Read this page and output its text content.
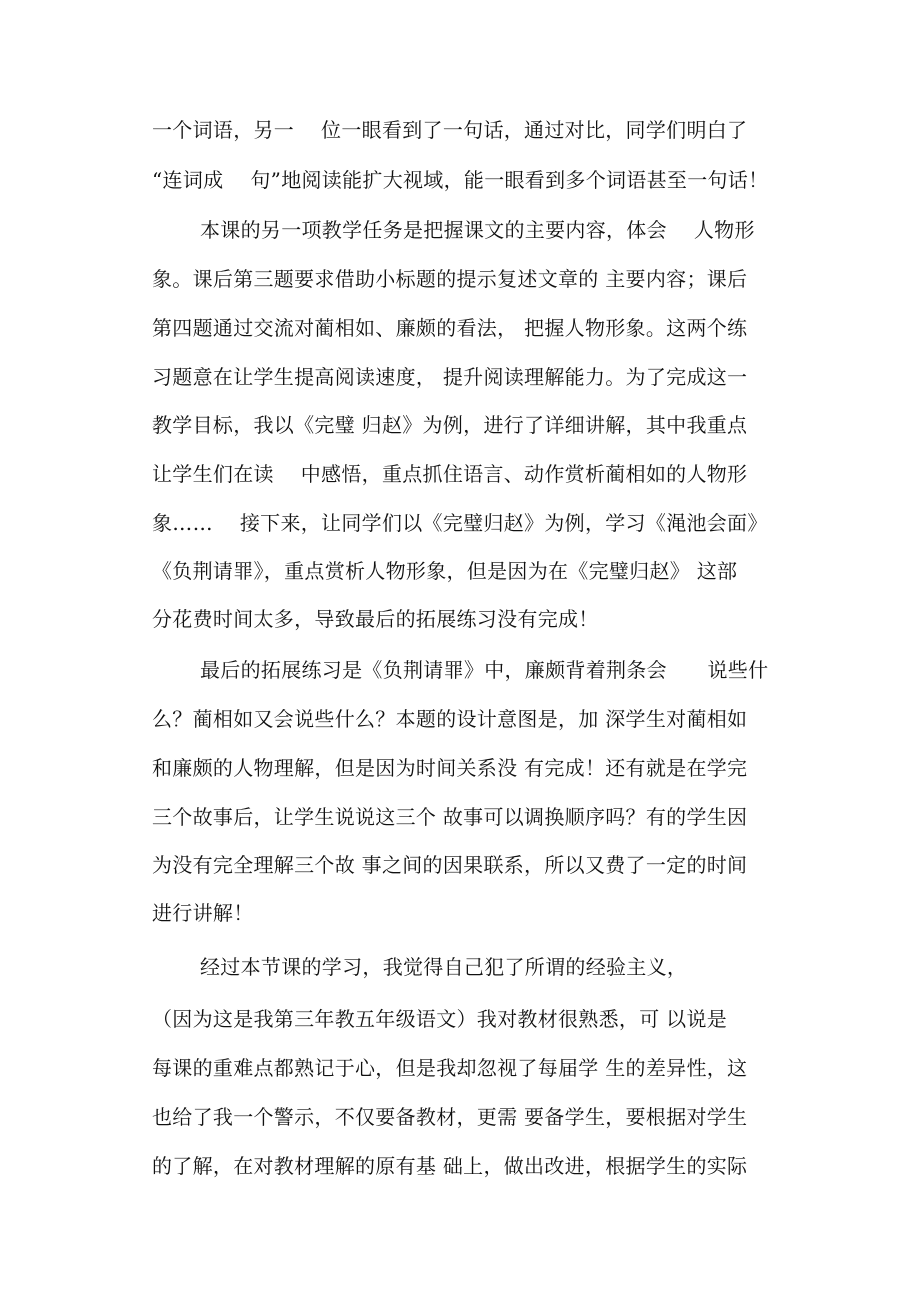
一个词语，另一　 位一眼看到了一句话，通过对比，同学们明白了
“连词成　 句”地阅读能扩大视域，能一眼看到多个词语甚至一句话！
本课的另一项教学任务是把握课文的主要内容，体会　 人物形
象。课后第三题要求借助小标题的提示复述文章的 主要内容；课后
第四题通过交流对蔺相如、廉颇的看法， 把握人物形象。这两个练
习题意在让学生提高阅读速度， 提升阅读理解能力。为了完成这一
教学目标，我以《完璧 归赵》为例，进行了详细讲解，其中我重点
让学生们在读　 中感悟，重点抓住语言、动作赏析蔺相如的人物形
象……　 接下来，让同学们以《完璧归赵》为例，学习《渑池会面》
《负荆请罪》，重点赏析人物形象，但是因为在《完璧归赵》 这部
分花费时间太多，导致最后的拓展练习没有完成！
最后的拓展练习是《负荆请罪》中，廉颇背着荆条会　　说些什
么？蔺相如又会说些什么？本题的设计意图是，加 深学生对蔺相如
和廉颇的人物理解，但是因为时间关系没 有完成！还有就是在学完
三个故事后，让学生说说这三个 故事可以调换顺序吗？有的学生因
为没有完全理解三个故 事之间的因果联系，所以又费了一定的时间
进行讲解！
经过本节课的学习，我觉得自己犯了所谓的经验主义，
（因为这是我第三年教五年级语文）我对教材很熟悉，可 以说是
每课的重难点都熟记于心，但是我却忽视了每届学 生的差异性，这
也给了我一个警示，不仅要备教材，更需 要备学生，要根据对学生
的了解，在对教材理解的原有基 础上，做出改进，根据学生的实际
